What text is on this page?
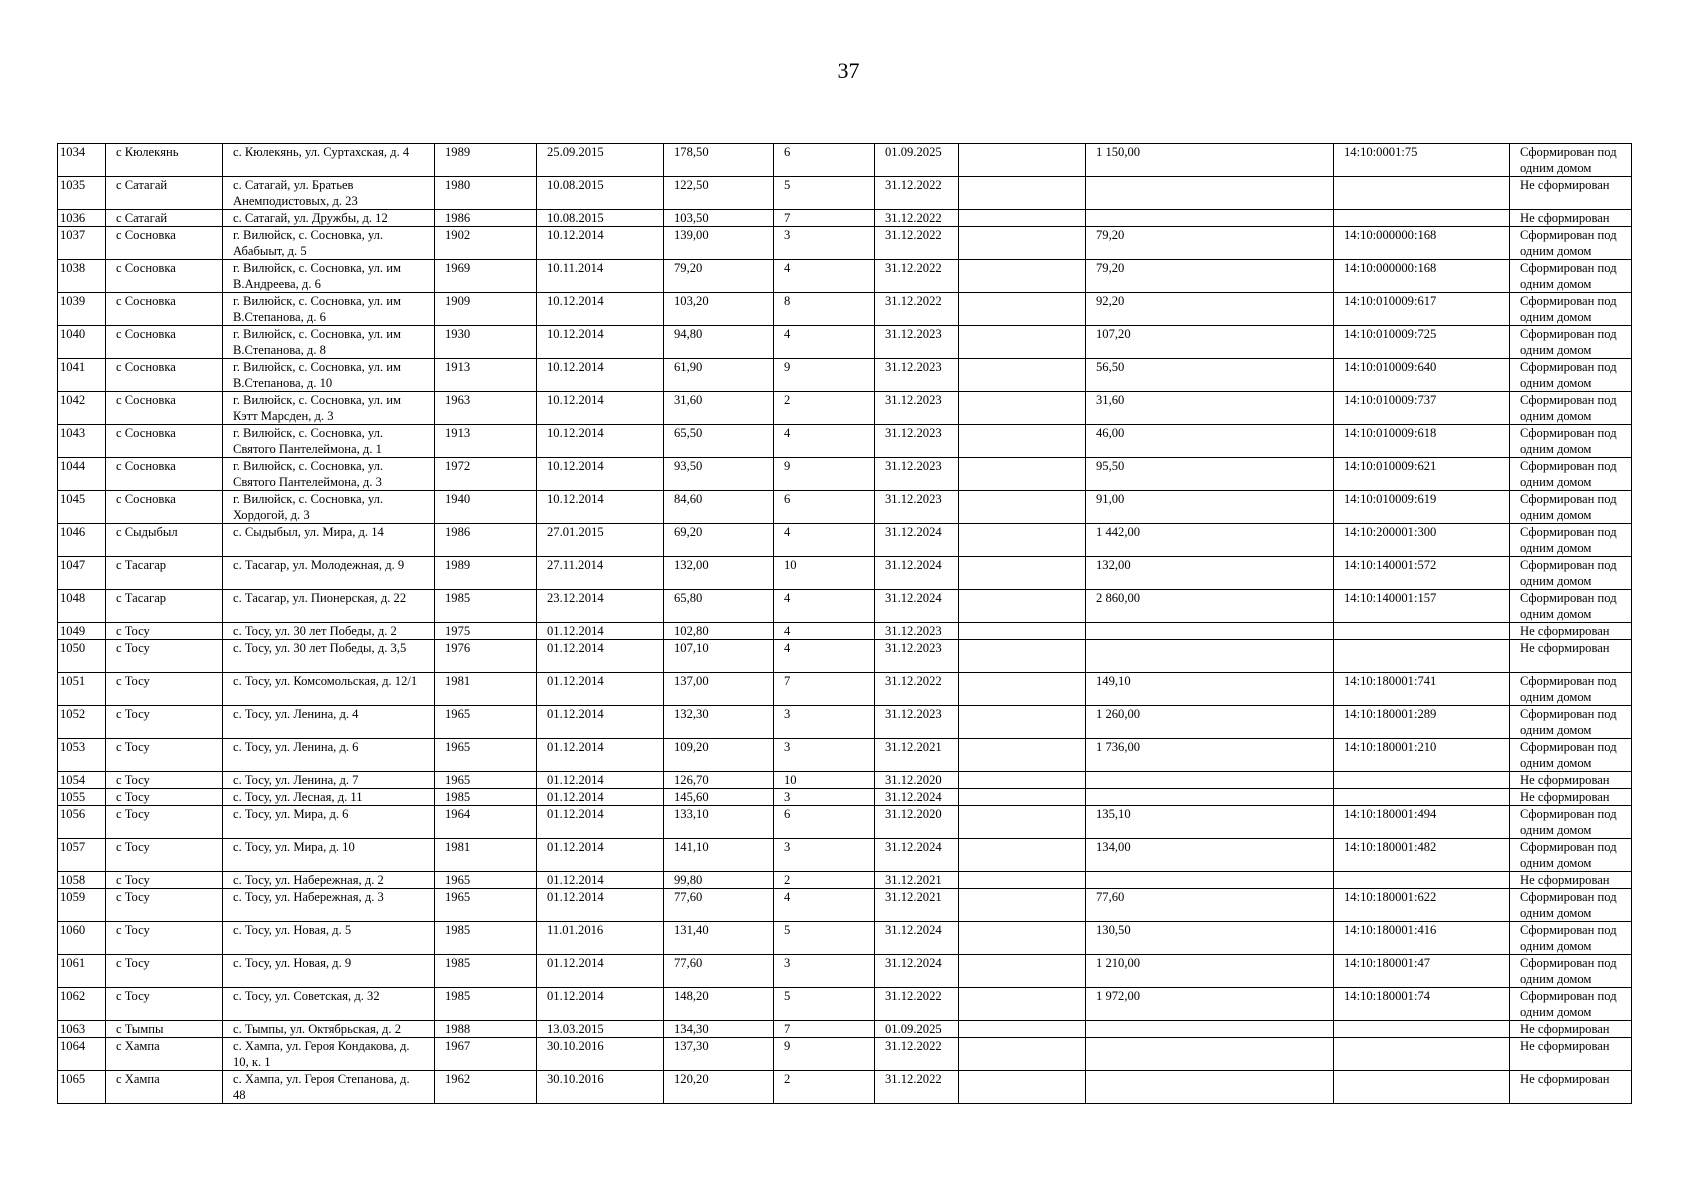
37
1034	с Кюлекянь	с. Кюлекянь, ул. Суртахская, д. 4	1989	25.09.2015	178,50	6	01.09.2025		1 150,00	14:10:0001:75	Сформирован под одним домом
1035	с Сатагай	с. Сатагай, ул. Братьев Анемподистовых, д. 23	1980	10.08.2015	122,50	5	31.12.2022				Не сформирован
1036	с Сатагай	с. Сатагай, ул. Дружбы, д. 12	1986	10.08.2015	103,50	7	31.12.2022				Не сформирован
1037	с Сосновка	г. Вилюйск, с. Сосновка, ул. Абабыыт, д. 5	1902	10.12.2014	139,00	3	31.12.2022		79,20	14:10:000000:168	Сформирован под одним домом
1038	с Сосновка	г. Вилюйск, с. Сосновка, ул. им В.Андреева, д. 6	1969	10.11.2014	79,20	4	31.12.2022		79,20	14:10:000000:168	Сформирован под одним домом
1039	с Сосновка	г. Вилюйск, с. Сосновка, ул. им В.Степанова, д. 6	1909	10.12.2014	103,20	8	31.12.2022		92,20	14:10:010009:617	Сформирован под одним домом
1040	с Сосновка	г. Вилюйск, с. Сосновка, ул. им В.Степанова, д. 8	1930	10.12.2014	94,80	4	31.12.2023		107,20	14:10:010009:725	Сформирован под одним домом
1041	с Сосновка	г. Вилюйск, с. Сосновка, ул. им В.Степанова, д. 10	1913	10.12.2014	61,90	9	31.12.2023		56,50	14:10:010009:640	Сформирован под одним домом
1042	с Сосновка	г. Вилюйск, с. Сосновка, ул. им Кэтт Марсден, д. 3	1963	10.12.2014	31,60	2	31.12.2023		31,60	14:10:010009:737	Сформирован под одним домом
1043	с Сосновка	г. Вилюйск, с. Сосновка, ул. Святого Пантелеймона, д. 1	1913	10.12.2014	65,50	4	31.12.2023		46,00	14:10:010009:618	Сформирован под одним домом
1044	с Сосновка	г. Вилюйск, с. Сосновка, ул. Святого Пантелеймона, д. 3	1972	10.12.2014	93,50	9	31.12.2023		95,50	14:10:010009:621	Сформирован под одним домом
1045	с Сосновка	г. Вилюйск, с. Сосновка, ул. Хордогой, д. 3	1940	10.12.2014	84,60	6	31.12.2023		91,00	14:10:010009:619	Сформирован под одним домом
1046	с Сыдыбыл	с. Сыдыбыл, ул. Мира, д. 14	1986	27.01.2015	69,20	4	31.12.2024		1 442,00	14:10:200001:300	Сформирован под одним домом
1047	с Тасагар	с. Тасагар, ул. Молодежная, д. 9	1989	27.11.2014	132,00	10	31.12.2024		132,00	14:10:140001:572	Сформирован под одним домом
1048	с Тасагар	с. Тасагар, ул. Пионерская, д. 22	1985	23.12.2014	65,80	4	31.12.2024		2 860,00	14:10:140001:157	Сформирован под одним домом
1049	с Тосу	с. Тосу, ул. 30 лет Победы, д. 2	1975	01.12.2014	102,80	4	31.12.2023				Не сформирован
1050	с Тосу	с. Тосу, ул. 30 лет Победы, д. 3,5	1976	01.12.2014	107,10	4	31.12.2023				Не сформирован
1051	с Тосу	с. Тосу, ул. Комсомольская, д. 12/1	1981	01.12.2014	137,00	7	31.12.2022		149,10	14:10:180001:741	Сформирован под одним домом
1052	с Тосу	с. Тосу, ул. Ленина, д. 4	1965	01.12.2014	132,30	3	31.12.2023		1 260,00	14:10:180001:289	Сформирован под одним домом
1053	с Тосу	с. Тосу, ул. Ленина, д. 6	1965	01.12.2014	109,20	3	31.12.2021		1 736,00	14:10:180001:210	Сформирован под одним домом
1054	с Тосу	с. Тосу, ул. Ленина, д. 7	1965	01.12.2014	126,70	10	31.12.2020				Не сформирован
1055	с Тосу	с. Тосу, ул. Лесная, д. 11	1985	01.12.2014	145,60	3	31.12.2024				Не сформирован
1056	с Тосу	с. Тосу, ул. Мира, д. 6	1964	01.12.2014	133,10	6	31.12.2020		135,10	14:10:180001:494	Сформирован под одним домом
1057	с Тосу	с. Тосу, ул. Мира, д. 10	1981	01.12.2014	141,10	3	31.12.2024		134,00	14:10:180001:482	Сформирован под одним домом
1058	с Тосу	с. Тосу, ул. Набережная, д. 2	1965	01.12.2014	99,80	2	31.12.2021				Не сформирован
1059	с Тосу	с. Тосу, ул. Набережная, д. 3	1965	01.12.2014	77,60	4	31.12.2021		77,60	14:10:180001:622	Сформирован под одним домом
1060	с Тосу	с. Тосу, ул. Новая, д. 5	1985	11.01.2016	131,40	5	31.12.2024		130,50	14:10:180001:416	Сформирован под одним домом
1061	с Тосу	с. Тосу, ул. Новая, д. 9	1985	01.12.2014	77,60	3	31.12.2024		1 210,00	14:10:180001:47	Сформирован под одним домом
1062	с Тосу	с. Тосу, ул. Советская, д. 32	1985	01.12.2014	148,20	5	31.12.2022		1 972,00	14:10:180001:74	Сформирован под одним домом
1063	с Тымпы	с. Тымпы, ул. Октябрьская, д. 2	1988	13.03.2015	134,30	7	01.09.2025				Не сформирован
1064	с Хампа	с. Хампа, ул. Героя Кондакова, д. 10, к. 1	1967	30.10.2016	137,30	9	31.12.2022				Не сформирован
1065	с Хампа	с. Хампа, ул. Героя Степанова, д. 48	1962	30.10.2016	120,20	2	31.12.2022				Не сформирован
